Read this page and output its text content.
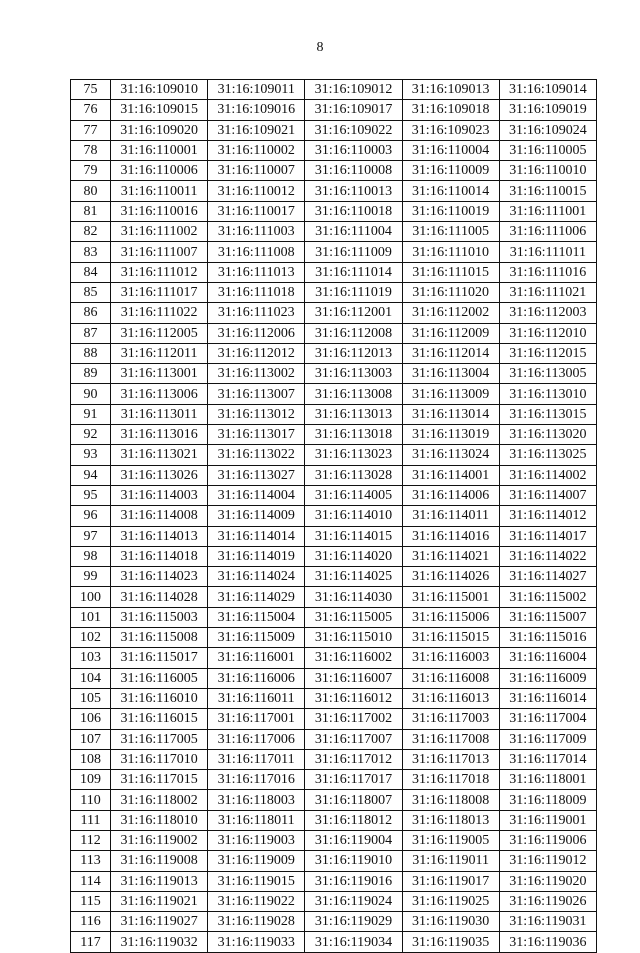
8
75	31:16:109010	31:16:109011	31:16:109012	31:16:109013	31:16:109014
76	31:16:109015	31:16:109016	31:16:109017	31:16:109018	31:16:109019
77	31:16:109020	31:16:109021	31:16:109022	31:16:109023	31:16:109024
78	31:16:110001	31:16:110002	31:16:110003	31:16:110004	31:16:110005
79	31:16:110006	31:16:110007	31:16:110008	31:16:110009	31:16:110010
80	31:16:110011	31:16:110012	31:16:110013	31:16:110014	31:16:110015
81	31:16:110016	31:16:110017	31:16:110018	31:16:110019	31:16:111001
82	31:16:111002	31:16:111003	31:16:111004	31:16:111005	31:16:111006
83	31:16:111007	31:16:111008	31:16:111009	31:16:111010	31:16:111011
84	31:16:111012	31:16:111013	31:16:111014	31:16:111015	31:16:111016
85	31:16:111017	31:16:111018	31:16:111019	31:16:111020	31:16:111021
86	31:16:111022	31:16:111023	31:16:112001	31:16:112002	31:16:112003
87	31:16:112005	31:16:112006	31:16:112008	31:16:112009	31:16:112010
88	31:16:112011	31:16:112012	31:16:112013	31:16:112014	31:16:112015
89	31:16:113001	31:16:113002	31:16:113003	31:16:113004	31:16:113005
90	31:16:113006	31:16:113007	31:16:113008	31:16:113009	31:16:113010
91	31:16:113011	31:16:113012	31:16:113013	31:16:113014	31:16:113015
92	31:16:113016	31:16:113017	31:16:113018	31:16:113019	31:16:113020
93	31:16:113021	31:16:113022	31:16:113023	31:16:113024	31:16:113025
94	31:16:113026	31:16:113027	31:16:113028	31:16:114001	31:16:114002
95	31:16:114003	31:16:114004	31:16:114005	31:16:114006	31:16:114007
96	31:16:114008	31:16:114009	31:16:114010	31:16:114011	31:16:114012
97	31:16:114013	31:16:114014	31:16:114015	31:16:114016	31:16:114017
98	31:16:114018	31:16:114019	31:16:114020	31:16:114021	31:16:114022
99	31:16:114023	31:16:114024	31:16:114025	31:16:114026	31:16:114027
100	31:16:114028	31:16:114029	31:16:114030	31:16:115001	31:16:115002
101	31:16:115003	31:16:115004	31:16:115005	31:16:115006	31:16:115007
102	31:16:115008	31:16:115009	31:16:115010	31:16:115015	31:16:115016
103	31:16:115017	31:16:116001	31:16:116002	31:16:116003	31:16:116004
104	31:16:116005	31:16:116006	31:16:116007	31:16:116008	31:16:116009
105	31:16:116010	31:16:116011	31:16:116012	31:16:116013	31:16:116014
106	31:16:116015	31:16:117001	31:16:117002	31:16:117003	31:16:117004
107	31:16:117005	31:16:117006	31:16:117007	31:16:117008	31:16:117009
108	31:16:117010	31:16:117011	31:16:117012	31:16:117013	31:16:117014
109	31:16:117015	31:16:117016	31:16:117017	31:16:117018	31:16:118001
110	31:16:118002	31:16:118003	31:16:118007	31:16:118008	31:16:118009
111	31:16:118010	31:16:118011	31:16:118012	31:16:118013	31:16:119001
112	31:16:119002	31:16:119003	31:16:119004	31:16:119005	31:16:119006
113	31:16:119008	31:16:119009	31:16:119010	31:16:119011	31:16:119012
114	31:16:119013	31:16:119015	31:16:119016	31:16:119017	31:16:119020
115	31:16:119021	31:16:119022	31:16:119024	31:16:119025	31:16:119026
116	31:16:119027	31:16:119028	31:16:119029	31:16:119030	31:16:119031
117	31:16:119032	31:16:119033	31:16:119034	31:16:119035	31:16:119036
